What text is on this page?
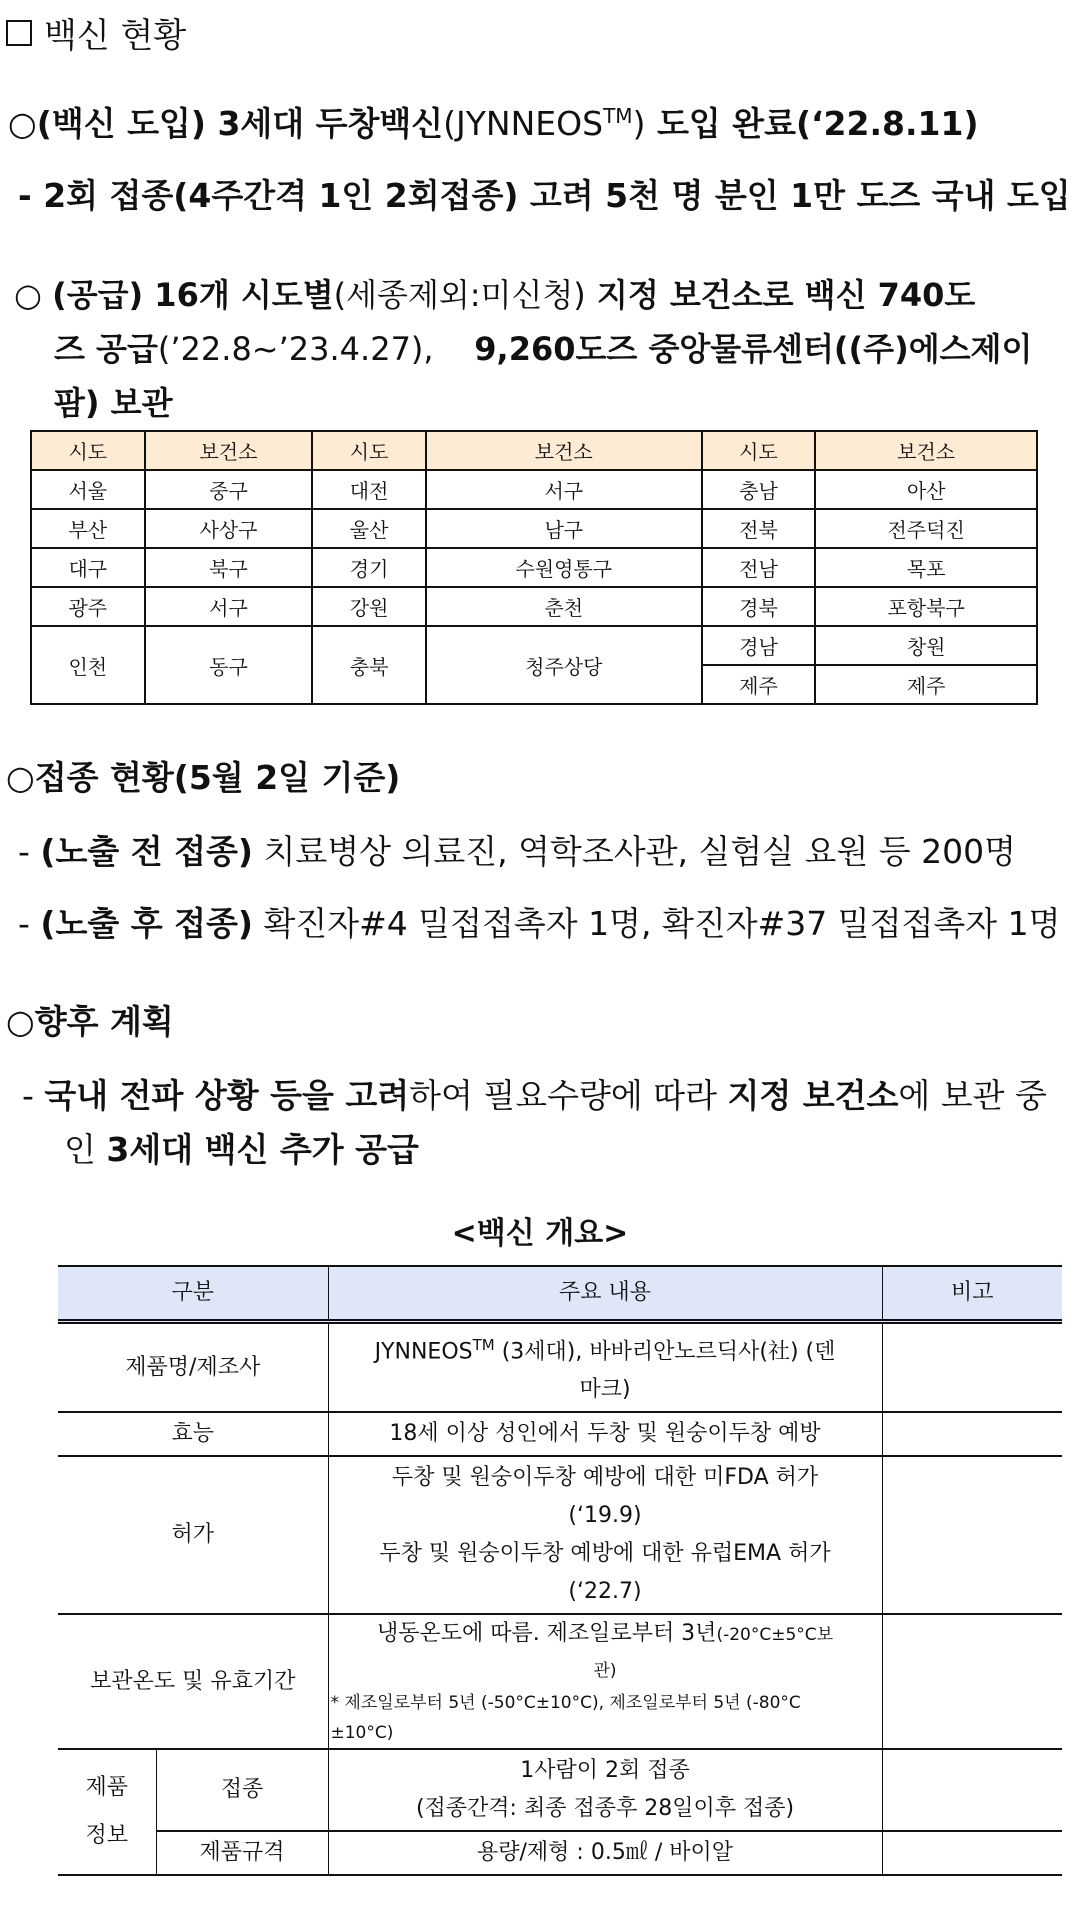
백신 현황
○(백신 도입) 3세대 두창백신(JYNNEOS™) 도입 완료(‘22.8.11)
- 2회 접종(4주간격 1인 2회접종) 고려 5천 명 분인 1만 도즈 국내 도입
○ (공급) 16개 시도별(세종제외:미신청) 지정 보건소로 백신 740도
즈 공급(’22.8~’23.4.27), 9,260도즈 중앙물류센터((주)에스제이
팜) 보관
시도	보건소	시도	보건소	시도	보건소
서울	중구	대전	서구	충남	아산
부산	사상구	울산	남구	전북	전주덕진
대구	북구	경기	수원영통구	전남	목포
광주	서구	강원	춘천	경북	포항북구
인천	동구	충북	청주상당	경남	창원
				제주	제주
○접종 현황(5월 2일 기준)
- (노출 전 접종) 치료병상 의료진, 역학조사관, 실험실 요원 등 200명
- (노출 후 접종) 확진자#4 밀접접촉자 1명, 확진자#37 밀접접촉자 1명
○향후 계획
- 국내 전파 상황 등을 고려하여 필요수량에 따라 지정 보건소에 보관 중
인 3세대 백신 추가 공급
<백신 개요>
구분		주요 내용	비고
제품명/제조사		JYNNEOS™ (3세대), 바바리안노르딕사(社) (덴
마크)	
효능		18세 이상 성인에서 두창 및 원숭이두창 예방	
허가		두창 및 원숭이두창 예방에 대한 미FDA 허가
(‘19.9)
두창 및 원숭이두창 예방에 대한 유럽EMA 허가
(‘22.7)	
보관온도 및 유효기간		냉동온도에 따름. 제조일로부터 3년(-20°C±5°C보
관)
* 제조일로부터 5년 (-50°C±10°C), 제조일로부터 5년 (-80°C
±10°C)	

제품
정보	접종	1사람이 2회 접종
(접종간격: 최종 접종후 28일이후 접종)	
	제품규격	용량/제형 : 0.5㎖ / 바이알	
